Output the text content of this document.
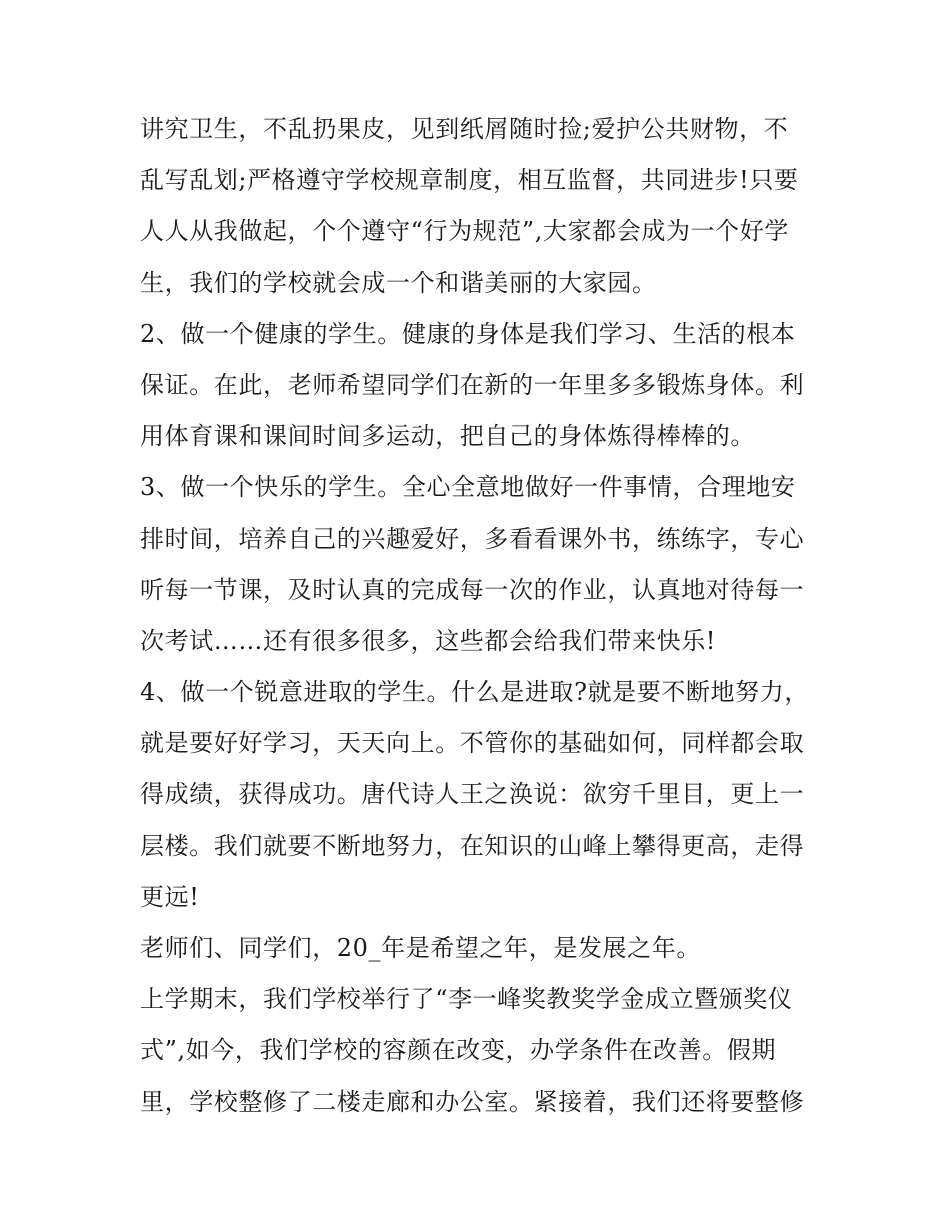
讲究卫生，不乱扔果皮，见到纸屑随时捡;爱护公共财物，不

乱写乱划;严格遵守学校规章制度，相互监督，共同进步!只要

人人从我做起，个个遵守“行为规范”,大家都会成为一个好学

生，我们的学校就会成一个和谐美丽的大家园。

2、做一个健康的学生。健康的身体是我们学习、生活的根本

保证。在此，老师希望同学们在新的一年里多多锻炼身体。利

用体育课和课间时间多运动，把自己的身体炼得棒棒的。

3、做一个快乐的学生。全心全意地做好一件事情，合理地安

排时间，培养自己的兴趣爱好，多看看课外书，练练字，专心

听每一节课，及时认真的完成每一次的作业，认真地对待每一

次考试……还有很多很多，这些都会给我们带来快乐!

4、做一个锐意进取的学生。什么是进取?就是要不断地努力，

就是要好好学习，天天向上。不管你的基础如何，同样都会取

得成绩，获得成功。唐代诗人王之涣说：欲穷千里目，更上一

层楼。我们就要不断地努力，在知识的山峰上攀得更高，走得

更远!

老师们、同学们，20_年是希望之年，是发展之年。

上学期末，我们学校举行了“李一峰奖教奖学金成立暨颁奖仪

式”,如今，我们学校的容颜在改变，办学条件在改善。假期

里，学校整修了二楼走廊和办公室。紧接着，我们还将要整修
